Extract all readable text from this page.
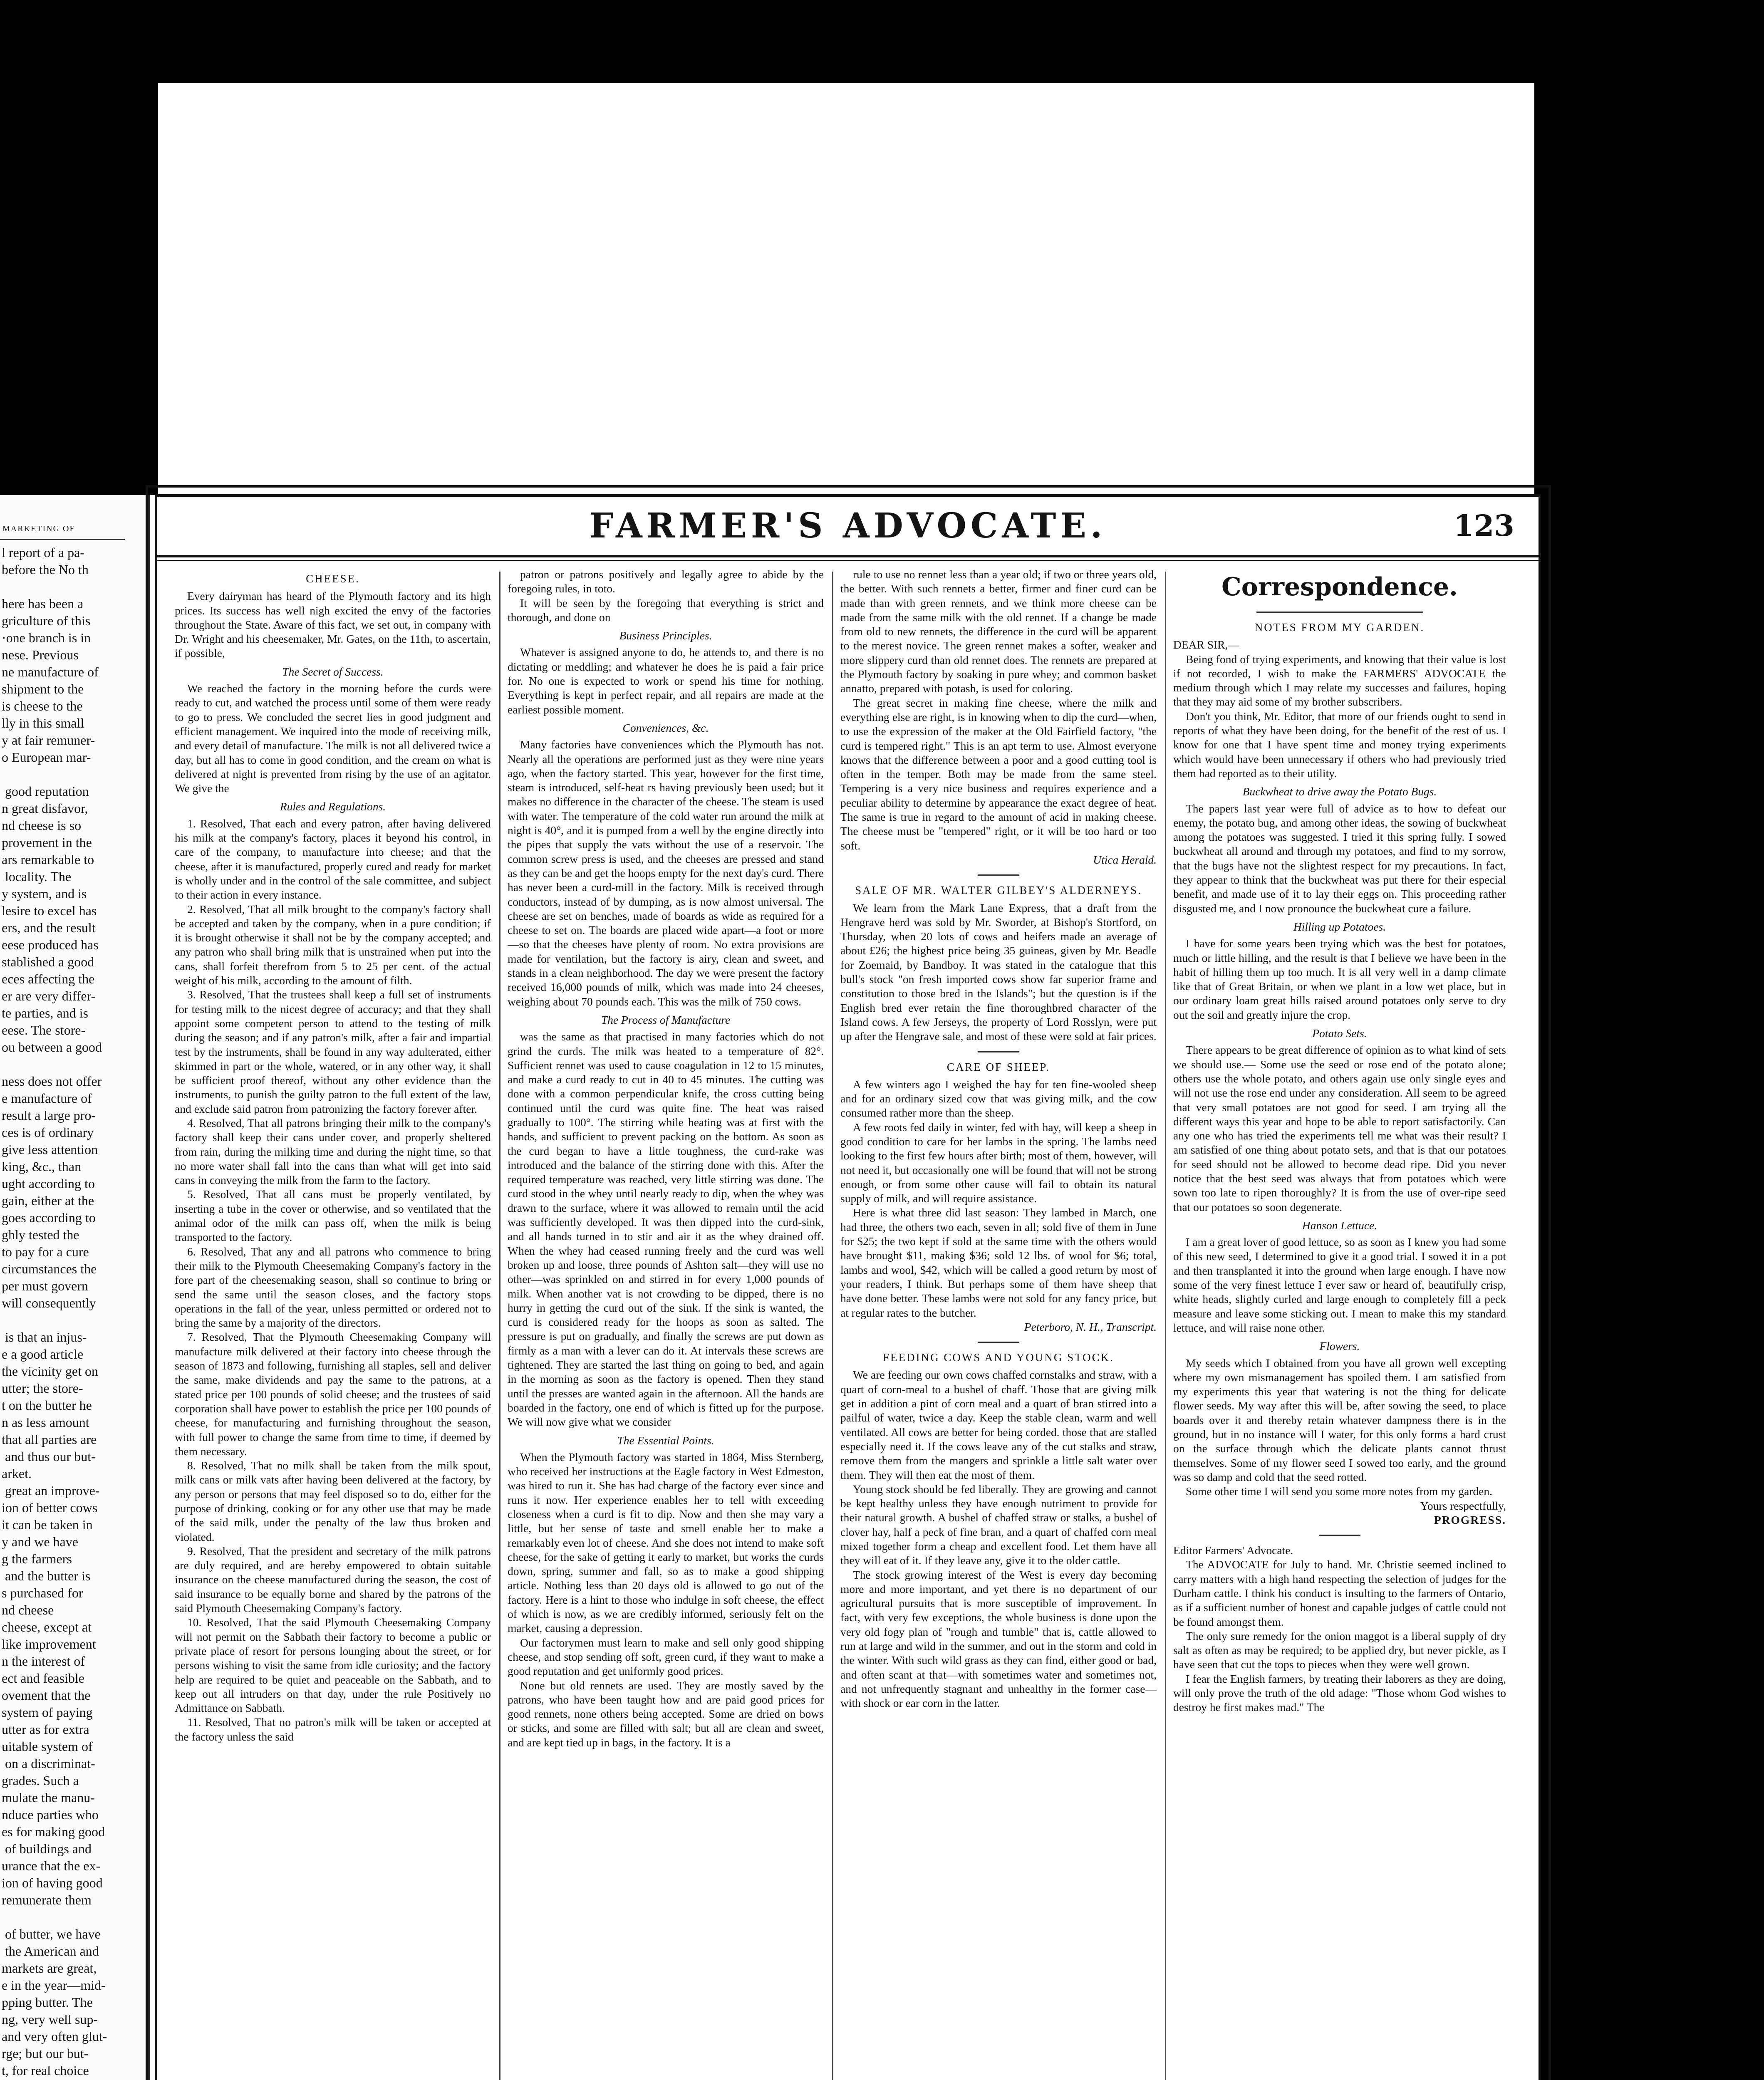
MARKETING OF
l report of a pa-
before the No th

here has been a
griculture of this
·one branch is in
nese. Previous
ne manufacture of
shipment to the
is cheese to the
lly in this small
y at fair remuner-
o European mar-

good reputation
n great disfavor,
nd cheese is so
provement in the
ars remarkable to
locality. The
y system, and is
lesire to excel has
ers, and the result
eese produced has
stablished a good
eces affecting the
er are very differ-
te parties, and is
eese. The store-
ou between a good

ness does not offer
e manufacture of
result a large pro-
ces is of ordinary
give less attention
king, &c., than
ught according to
gain, either at the
goes according to
ghly tested the
to pay for a cure
circumstances the
per must govern
will consequently

is that an injus-
e a good article
the vicinity get on
utter; the store-
t on the butter he
n as less amount
that all parties are
and thus our but-
arket.
great an improve-
ion of better cows
it can be taken in
y and we have
g the farmers
and the butter is
s purchased for
nd cheese
cheese, except at
like improvement
n the interest of
ect and feasible
ovement that the
system of paying
utter as for extra
uitable system of
on a discriminat-
grades. Such a
mulate the manu-
nduce parties who
es for making good
of buildings and
urance that the ex-
ion of having good
remunerate them

of butter, we have
the American and
markets are great,
e in the year—mid-
pping butter. The
ng, very well sup-
and very often glut-
rge; but our but-
t, for real choice

FARMER'S ADVOCATE.	123

CHEESE.

Every dairyman has heard of the Plymouth factory and its high prices. Its success has well nigh excited the envy of the factories throughout the State. Aware of this fact, we set out, in company with Dr. Wright and his cheesemaker, Mr. Gates, on the 11th, to ascertain, if possible,

The Secret of Success.

We reached the factory in the morning before the curds were ready to cut, and watched the process until some of them were ready to go to press. We concluded the secret lies in good judgment and efficient management. We inquired into the mode of receiving milk, and every detail of manufacture. The milk is not all delivered twice a day, but all has to come in good condition, and the cream on what is delivered at night is prevented from rising by the use of an agitator. We give the

Rules and Regulations.

1. Resolved, That each and every patron, after having delivered his milk at the company's factory, places it beyond his control, in care of the company, to manufacture into cheese; and that the cheese, after it is manufactured, properly cured and ready for market is wholly under and in the control of the sale committee, and subject to their action in every instance.

2. Resolved, That all milk brought to the company's factory shall be accepted and taken by the company, when in a pure condition; if it is brought otherwise it shall not be by the company accepted; and any patron who shall bring milk that is unstrained when put into the cans, shall forfeit therefrom from 5 to 25 per cent. of the actual weight of his milk, according to the amount of filth.

3. Resolved, That the trustees shall keep a full set of instruments for testing milk to the nicest degree of accuracy; and that they shall appoint some competent person to attend to the testing of milk during the season; and if any patron's milk, after a fair and impartial test by the instruments, shall be found in any way adulterated, either skimmed in part or the whole, watered, or in any other way, it shall be sufficient proof thereof, without any other evidence than the instruments, to punish the guilty patron to the full extent of the law, and exclude said patron from patronizing the factory forever after.

4. Resolved, That all patrons bringing their milk to the company's factory shall keep their cans under cover, and properly sheltered from rain, during the milking time and during the night time, so that no more water shall fall into the cans than what will get into said cans in conveying the milk from the farm to the factory.

5. Resolved, That all cans must be properly ventilated, by inserting a tube in the cover or otherwise, and so ventilated that the animal odor of the milk can pass off, when the milk is being transported to the factory.

6. Resolved, That any and all patrons who commence to bring their milk to the Plymouth Cheesemaking Company's factory in the fore part of the cheesemaking season, shall so continue to bring or send the same until the season closes, and the factory stops operations in the fall of the year, unless permitted or ordered not to bring the same by a majority of the directors.

7. Resolved, That the Plymouth Cheesemaking Company will manufacture milk delivered at their factory into cheese through the season of 1873 and following, furnishing all staples, sell and deliver the same, make dividends and pay the same to the patrons, at a stated price per 100 pounds of solid cheese; and the trustees of said corporation shall have power to establish the price per 100 pounds of cheese, for manufacturing and furnishing throughout the season, with full power to change the same from time to time, if deemed by them necessary.

8. Resolved, That no milk shall be taken from the milk spout, milk cans or milk vats after having been delivered at the factory, by any person or persons that may feel disposed so to do, either for the purpose of drinking, cooking or for any other use that may be made of the said milk, under the penalty of the law thus broken and violated.

9. Resolved, That the president and secretary of the milk patrons are duly required, and are hereby empowered to obtain suitable insurance on the cheese manufactured during the season, the cost of said insurance to be equally borne and shared by the patrons of the said Plymouth Cheesemaking Company's factory.

10. Resolved, That the said Plymouth Cheesemaking Company will not permit on the Sabbath their factory to become a public or private place of resort for persons lounging about the street, or for persons wishing to visit the same from idle curiosity; and the factory help are required to be quiet and peaceable on the Sabbath, and to keep out all intruders on that day, under the rule Positively no Admittance on Sabbath.

11. Resolved, That no patron's milk will be taken or accepted at the factory unless the said

patron or patrons positively and legally agree to abide by the foregoing rules, in toto.

It will be seen by the foregoing that everything is strict and thorough, and done on

Business Principles.

Whatever is assigned anyone to do, he attends to, and there is no dictating or meddling; and whatever he does he is paid a fair price for. No one is expected to work or spend his time for nothing. Everything is kept in perfect repair, and all repairs are made at the earliest possible moment.

Conveniences, &c.

Many factories have conveniences which the Plymouth has not. Nearly all the operations are performed just as they were nine years ago, when the factory started. This year, however for the first time, steam is introduced, self-heat rs having previously been used; but it makes no difference in the character of the cheese. The steam is used with water. The temperature of the cold water run around the milk at night is 40°, and it is pumped from a well by the engine directly into the pipes that supply the vats without the use of a reservoir. The common screw press is used, and the cheeses are pressed and stand as they can be and get the hoops empty for the next day's curd. There has never been a curd-mill in the factory. Milk is received through conductors, instead of by dumping, as is now almost universal. The cheese are set on benches, made of boards as wide as required for a cheese to set on. The boards are placed wide apart—a foot or more—so that the cheeses have plenty of room. No extra provisions are made for ventilation, but the factory is airy, clean and sweet, and stands in a clean neighborhood. The day we were present the factory received 16,000 pounds of milk, which was made into 24 cheeses, weighing about 70 pounds each. This was the milk of 750 cows.

The Process of Manufacture

was the same as that practised in many factories which do not grind the curds. The milk was heated to a temperature of 82°. Sufficient rennet was used to cause coagulation in 12 to 15 minutes, and make a curd ready to cut in 40 to 45 minutes. The cutting was done with a common perpendicular knife, the cross cutting being continued until the curd was quite fine. The heat was raised gradually to 100°. The stirring while heating was at first with the hands, and sufficient to prevent packing on the bottom. As soon as the curd began to have a little toughness, the curd-rake was introduced and the balance of the stirring done with this. After the required temperature was reached, very little stirring was done. The curd stood in the whey until nearly ready to dip, when the whey was drawn to the surface, where it was allowed to remain until the acid was sufficiently developed. It was then dipped into the curd-sink, and all hands turned in to stir and air it as the whey drained off. When the whey had ceased running freely and the curd was well broken up and loose, three pounds of Ashton salt—they will use no other—was sprinkled on and stirred in for every 1,000 pounds of milk. When another vat is not crowding to be dipped, there is no hurry in getting the curd out of the sink. If the sink is wanted, the curd is considered ready for the hoops as soon as salted. The pressure is put on gradually, and finally the screws are put down as firmly as a man with a lever can do it. At intervals these screws are tightened. They are started the last thing on going to bed, and again in the morning as soon as the factory is opened. Then they stand until the presses are wanted again in the afternoon. All the hands are boarded in the factory, one end of which is fitted up for the purpose. We will now give what we consider

The Essential Points.

When the Plymouth factory was started in 1864, Miss Sternberg, who received her instructions at the Eagle factory in West Edmeston, was hired to run it. She has had charge of the factory ever since and runs it now. Her experience enables her to tell with exceeding closeness when a curd is fit to dip. Now and then she may vary a little, but her sense of taste and smell enable her to make a remarkably even lot of cheese. And she does not intend to make soft cheese, for the sake of getting it early to market, but works the curds down, spring, summer and fall, so as to make a good shipping article. Nothing less than 20 days old is allowed to go out of the factory. Here is a hint to those who indulge in soft cheese, the effect of which is now, as we are credibly informed, seriously felt on the market, causing a depression.

Our factorymen must learn to make and sell only good shipping cheese, and stop sending off soft, green curd, if they want to make a good reputation and get uniformly good prices.

None but old rennets are used. They are mostly saved by the patrons, who have been taught how and are paid good prices for good rennets, none others being accepted. Some are dried on bows or sticks, and some are filled with salt; but all are clean and sweet, and are kept tied up in bags, in the factory. It is a

rule to use no rennet less than a year old; if two or three years old, the better. With such rennets a better, firmer and finer curd can be made than with green rennets, and we think more cheese can be made from the same milk with the old rennet. If a change be made from old to new rennets, the difference in the curd will be apparent to the merest novice. The green rennet makes a softer, weaker and more slippery curd than old rennet does. The rennets are prepared at the Plymouth factory by soaking in pure whey; and common basket annatto, prepared with potash, is used for coloring.

The great secret in making fine cheese, where the milk and everything else are right, is in knowing when to dip the curd—when, to use the expression of the maker at the Old Fairfield factory, "the curd is tempered right." This is an apt term to use. Almost everyone knows that the difference between a poor and a good cutting tool is often in the temper. Both may be made from the same steel. Tempering is a very nice business and requires experience and a peculiar ability to determine by appearance the exact degree of heat. The same is true in regard to the amount of acid in making cheese. The cheese must be "tempered" right, or it will be too hard or too soft.

Utica Herald.

SALE OF MR. WALTER GILBEY'S ALDERNEYS.

We learn from the Mark Lane Express, that a draft from the Hengrave herd was sold by Mr. Sworder, at Bishop's Stortford, on Thursday, when 20 lots of cows and heifers made an average of about £26; the highest price being 35 guineas, given by Mr. Beadle for Zoemaid, by Bandboy. It was stated in the catalogue that this bull's stock "on fresh imported cows show far superior frame and constitution to those bred in the Islands"; but the question is if the English bred ever retain the fine thoroughbred character of the Island cows. A few Jerseys, the property of Lord Rosslyn, were put up after the Hengrave sale, and most of these were sold at fair prices.

CARE OF SHEEP.

A few winters ago I weighed the hay for ten fine-wooled sheep and for an ordinary sized cow that was giving milk, and the cow consumed rather more than the sheep.

A few roots fed daily in winter, fed with hay, will keep a sheep in good condition to care for her lambs in the spring. The lambs need looking to the first few hours after birth; most of them, however, will not need it, but occasionally one will be found that will not be strong enough, or from some other cause will fail to obtain its natural supply of milk, and will require assistance.

Here is what three did last season: They lambed in March, one had three, the others two each, seven in all; sold five of them in June for $25; the two kept if sold at the same time with the others would have brought $11, making $36; sold 12 lbs. of wool for $6; total, lambs and wool, $42, which will be called a good return by most of your readers, I think. But perhaps some of them have sheep that have done better. These lambs were not sold for any fancy price, but at regular rates to the butcher.

Peterboro, N. H., Transcript.

FEEDING COWS AND YOUNG STOCK.

We are feeding our own cows chaffed cornstalks and straw, with a quart of corn-meal to a bushel of chaff. Those that are giving milk get in addition a pint of corn meal and a quart of bran stirred into a pailful of water, twice a day. Keep the stable clean, warm and well ventilated. All cows are better for being corded. those that are stalled especially need it. If the cows leave any of the cut stalks and straw, remove them from the mangers and sprinkle a little salt water over them. They will then eat the most of them.

Young stock should be fed liberally. They are growing and cannot be kept healthy unless they have enough nutriment to provide for their natural growth. A bushel of chaffed straw or stalks, a bushel of clover hay, half a peck of fine bran, and a quart of chaffed corn meal mixed together form a cheap and excellent food. Let them have all they will eat of it. If they leave any, give it to the older cattle.

The stock growing interest of the West is every day becoming more and more important, and yet there is no department of our agricultural pursuits that is more susceptible of improvement. In fact, with very few exceptions, the whole business is done upon the very old fogy plan of "rough and tumble" that is, cattle allowed to run at large and wild in the summer, and out in the storm and cold in the winter. With such wild grass as they can find, either good or bad, and often scant at that—with sometimes water and sometimes not, and not unfrequently stagnant and unhealthy in the former case—with shock or ear corn in the latter.

Correspondence.

NOTES FROM MY GARDEN.

DEAR SIR,—

Being fond of trying experiments, and knowing that their value is lost if not recorded, I wish to make the FARMERS' ADVOCATE the medium through which I may relate my successes and failures, hoping that they may aid some of my brother subscribers.

Don't you think, Mr. Editor, that more of our friends ought to send in reports of what they have been doing, for the benefit of the rest of us. I know for one that I have spent time and money trying experiments which would have been unnecessary if others who had previously tried them had reported as to their utility.

Buckwheat to drive away the Potato Bugs.

The papers last year were full of advice as to how to defeat our enemy, the potato bug, and among other ideas, the sowing of buckwheat among the potatoes was suggested. I tried it this spring fully. I sowed buckwheat all around and through my potatoes, and find to my sorrow, that the bugs have not the slightest respect for my precautions. In fact, they appear to think that the buckwheat was put there for their especial benefit, and made use of it to lay their eggs on. This proceeding rather disgusted me, and I now pronounce the buckwheat cure a failure.

Hilling up Potatoes.

I have for some years been trying which was the best for potatoes, much or little hilling, and the result is that I believe we have been in the habit of hilling them up too much. It is all very well in a damp climate like that of Great Britain, or when we plant in a low wet place, but in our ordinary loam great hills raised around potatoes only serve to dry out the soil and greatly injure the crop.

Potato Sets.

There appears to be great difference of opinion as to what kind of sets we should use.— Some use the seed or rose end of the potato alone; others use the whole potato, and others again use only single eyes and will not use the rose end under any consideration. All seem to be agreed that very small potatoes are not good for seed. I am trying all the different ways this year and hope to be able to report satisfactorily. Can any one who has tried the experiments tell me what was their result? I am satisfied of one thing about potato sets, and that is that our potatoes for seed should not be allowed to become dead ripe. Did you never notice that the best seed was always that from potatoes which were sown too late to ripen thoroughly? It is from the use of over-ripe seed that our potatoes so soon degenerate.

Hanson Lettuce.

I am a great lover of good lettuce, so as soon as I knew you had some of this new seed, I determined to give it a good trial. I sowed it in a pot and then transplanted it into the ground when large enough. I have now some of the very finest lettuce I ever saw or heard of, beautifully crisp, white heads, slightly curled and large enough to completely fill a peck measure and leave some sticking out. I mean to make this my standard lettuce, and will raise none other.

Flowers.

My seeds which I obtained from you have all grown well excepting where my own mismanagement has spoiled them. I am satisfied from my experiments this year that watering is not the thing for delicate flower seeds. My way after this will be, after sowing the seed, to place boards over it and thereby retain whatever dampness there is in the ground, but in no instance will I water, for this only forms a hard crust on the surface through which the delicate plants cannot thrust themselves. Some of my flower seed I sowed too early, and the ground was so damp and cold that the seed rotted.

Some other time I will send you some more notes from my garden.

Yours respectfully,

PROGRESS.

Editor Farmers' Advocate.

The ADVOCATE for July to hand. Mr. Christie seemed inclined to carry matters with a high hand respecting the selection of judges for the Durham cattle. I think his conduct is insulting to the farmers of Ontario, as if a sufficient number of honest and capable judges of cattle could not be found amongst them.

The only sure remedy for the onion maggot is a liberal supply of dry salt as often as may be required; to be applied dry, but never pickle, as I have seen that cut the tops to pieces when they were well grown.

I fear the English farmers, by treating their laborers as they are doing, will only prove the truth of the old adage: "Those whom God wishes to destroy he first makes mad." The
